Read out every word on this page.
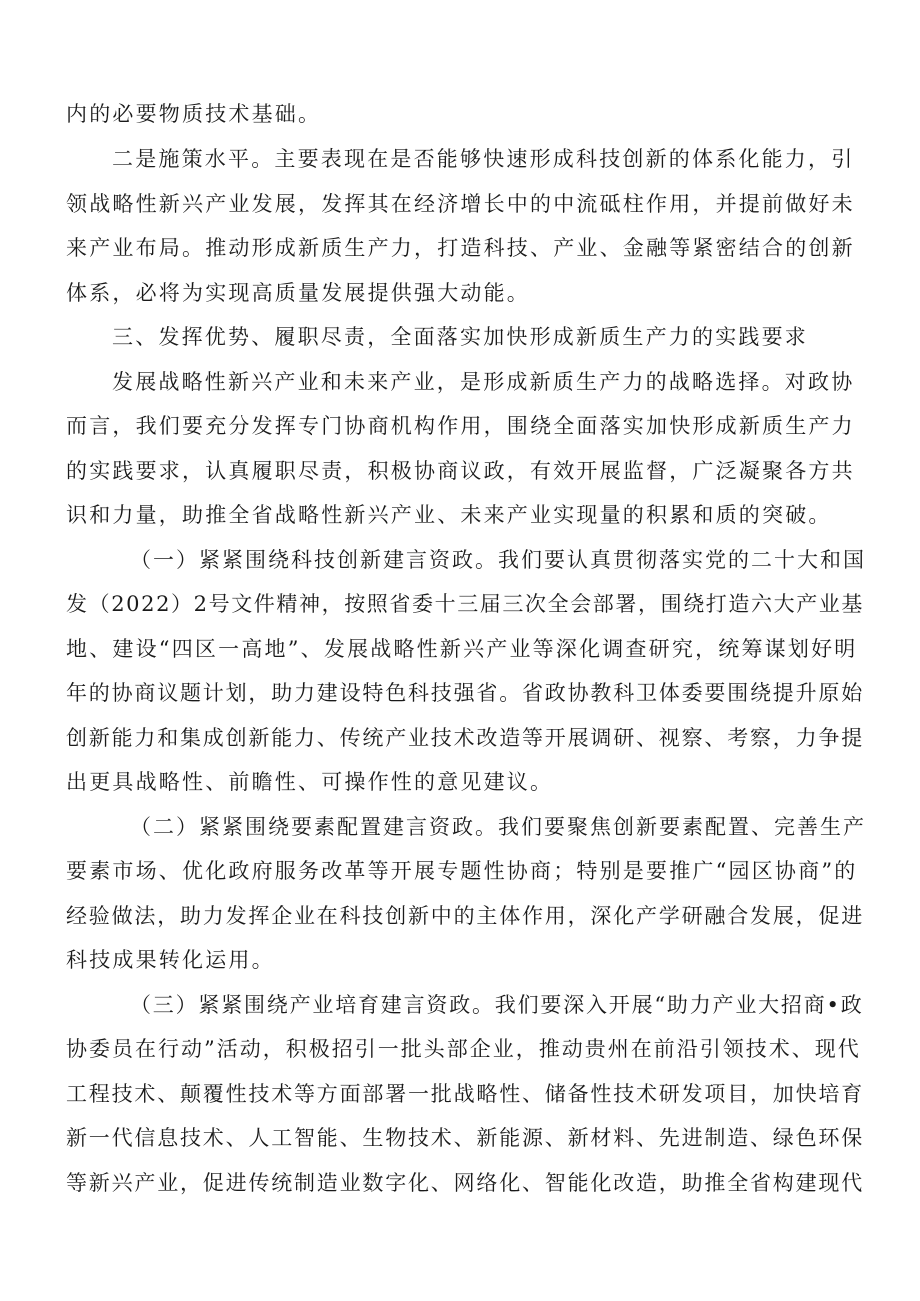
内的必要物质技术基础。
二是施策水平。主要表现在是否能够快速形成科技创新的体系化能力，引
领战略性新兴产业发展，发挥其在经济增长中的中流砥柱作用，并提前做好未
来产业布局。推动形成新质生产力，打造科技、产业、金融等紧密结合的创新
体系，必将为实现高质量发展提供强大动能。
三、发挥优势、履职尽责，全面落实加快形成新质生产力的实践要求
发展战略性新兴产业和未来产业，是形成新质生产力的战略选择。对政协
而言，我们要充分发挥专门协商机构作用，围绕全面落实加快形成新质生产力
的实践要求，认真履职尽责，积极协商议政，有效开展监督，广泛凝聚各方共
识和力量，助推全省战略性新兴产业、未来产业实现量的积累和质的突破。
（一）紧紧围绕科技创新建言资政。我们要认真贯彻落实党的二十大和国
发（2022）2号文件精神，按照省委十三届三次全会部署，围绕打造六大产业基
地、建设“四区一高地”、发展战略性新兴产业等深化调查研究，统筹谋划好明
年的协商议题计划，助力建设特色科技强省。省政协教科卫体委要围绕提升原始
创新能力和集成创新能力、传统产业技术改造等开展调研、视察、考察，力争提
出更具战略性、前瞻性、可操作性的意见建议。
（二）紧紧围绕要素配置建言资政。我们要聚焦创新要素配置、完善生产
要素市场、优化政府服务改革等开展专题性协商；特别是要推广“园区协商”的
经验做法，助力发挥企业在科技创新中的主体作用，深化产学研融合发展，促进
科技成果转化运用。
（三）紧紧围绕产业培育建言资政。我们要深入开展“助力产业大招商•政
协委员在行动”活动，积极招引一批头部企业，推动贵州在前沿引领技术、现代
工程技术、颠覆性技术等方面部署一批战略性、储备性技术研发项目，加快培育
新一代信息技术、人工智能、生物技术、新能源、新材料、先进制造、绿色环保
等新兴产业，促进传统制造业数字化、网络化、智能化改造，助推全省构建现代
